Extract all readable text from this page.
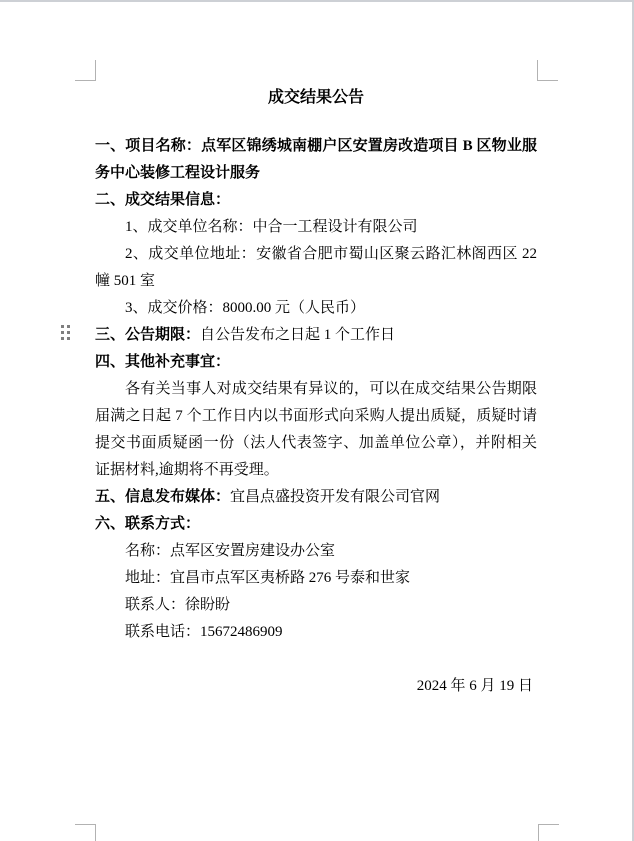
成交结果公告

一、项目名称：点军区锦绣城南棚户区安置房改造项目 B 区物业服务中心装修工程设计服务

二、成交结果信息：

1、成交单位名称：中合一工程设计有限公司

2、成交单位地址：安徽省合肥市蜀山区聚云路汇林阁西区 22 幢 501 室

3、成交价格：8000.00 元（人民币）

三、公告期限：自公告发布之日起 1 个工作日

四、其他补充事宜：

各有关当事人对成交结果有异议的，可以在成交结果公告期限届满之日起 7 个工作日内以书面形式向采购人提出质疑，质疑时请提交书面质疑函一份（法人代表签字、加盖单位公章），并附相关证据材料,逾期将不再受理。

五、信息发布媒体：宜昌点盛投资开发有限公司官网

六、联系方式：

名称：点军区安置房建设办公室

地址：宜昌市点军区夷桥路 276 号泰和世家

联系人：徐盼盼

联系电话：15672486909

2024 年 6 月 19 日
